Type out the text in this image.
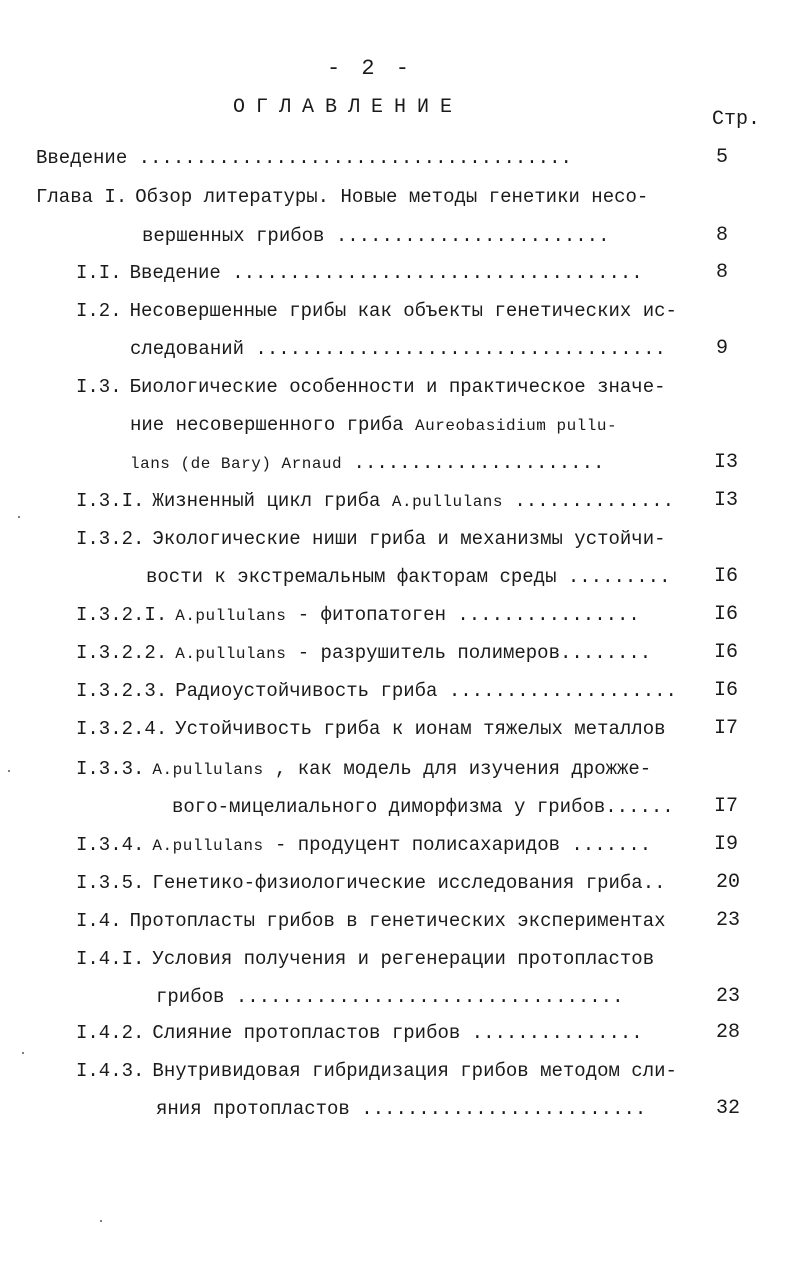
- 2 -
ОГЛАВЛЕНИЕ
Стр.
Введение ......................................	5
Глава I. Обзор литературы. Новые методы генетики несо-
вершенных грибов ........................	8
I.I. Введение ....................................	8
I.2. Несовершенные грибы как объекты генетических ис-
следований ....................................	9
I.3. Биологические особенности и практическое значе-
ние несовершенного гриба Aureobasidium pullu-
lans (de Bary) Arnaud ......................	I3
I.3.I. Жизненный цикл гриба A.pullulans ..............	I3
I.3.2. Экологические ниши гриба и механизмы устойчи-
вости к экстремальным факторам среды .........	I6
I.3.2.I. A.pullulans - фитопатоген ................	I6
I.3.2.2. A.pullulans - разрушитель полимеров........	I6
I.3.2.3. Радиоустойчивость гриба ....................	I6
I.3.2.4. Устойчивость гриба к ионам тяжелых металлов	I7
I.3.3. A.pullulans , как модель для изучения дрожже-
вого-мицелиального диморфизма у грибов......	I7
I.3.4. A.pullulans - продуцент полисахаридов .......	I9
I.3.5. Генетико-физиологические исследования гриба..	20
I.4. Протопласты грибов в генетических экспериментах	23
I.4.I. Условия получения и регенерации протопластов
грибов ..................................	23
I.4.2. Слияние протопластов грибов ...............	28
I.4.3. Внутривидовая гибридизация грибов методом сли-
яния протопластов .........................	32
